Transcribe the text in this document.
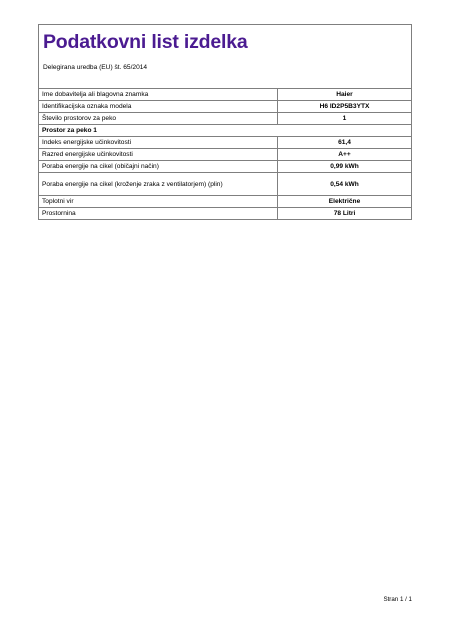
Podatkovni list izdelka
Delegirana uredba (EU) št. 65/2014
Ime dobavitelja ali blagovna znamka	Haier
Identifikacijska oznaka modela	H6 ID2P5B3YTX
Število prostorov za peko	1
Prostor za peko 1	
Indeks energijske učinkovitosti	61,4
Razred energijske učinkovitosti	A++
Poraba energije na cikel (običajni način)	0,99 kWh
Poraba energije na cikel (kroženje zraka z ventilatorjem) (plin)	0,54 kWh
Toplotni vir	Električne
Prostornina	78 Litri
Stran 1 / 1
